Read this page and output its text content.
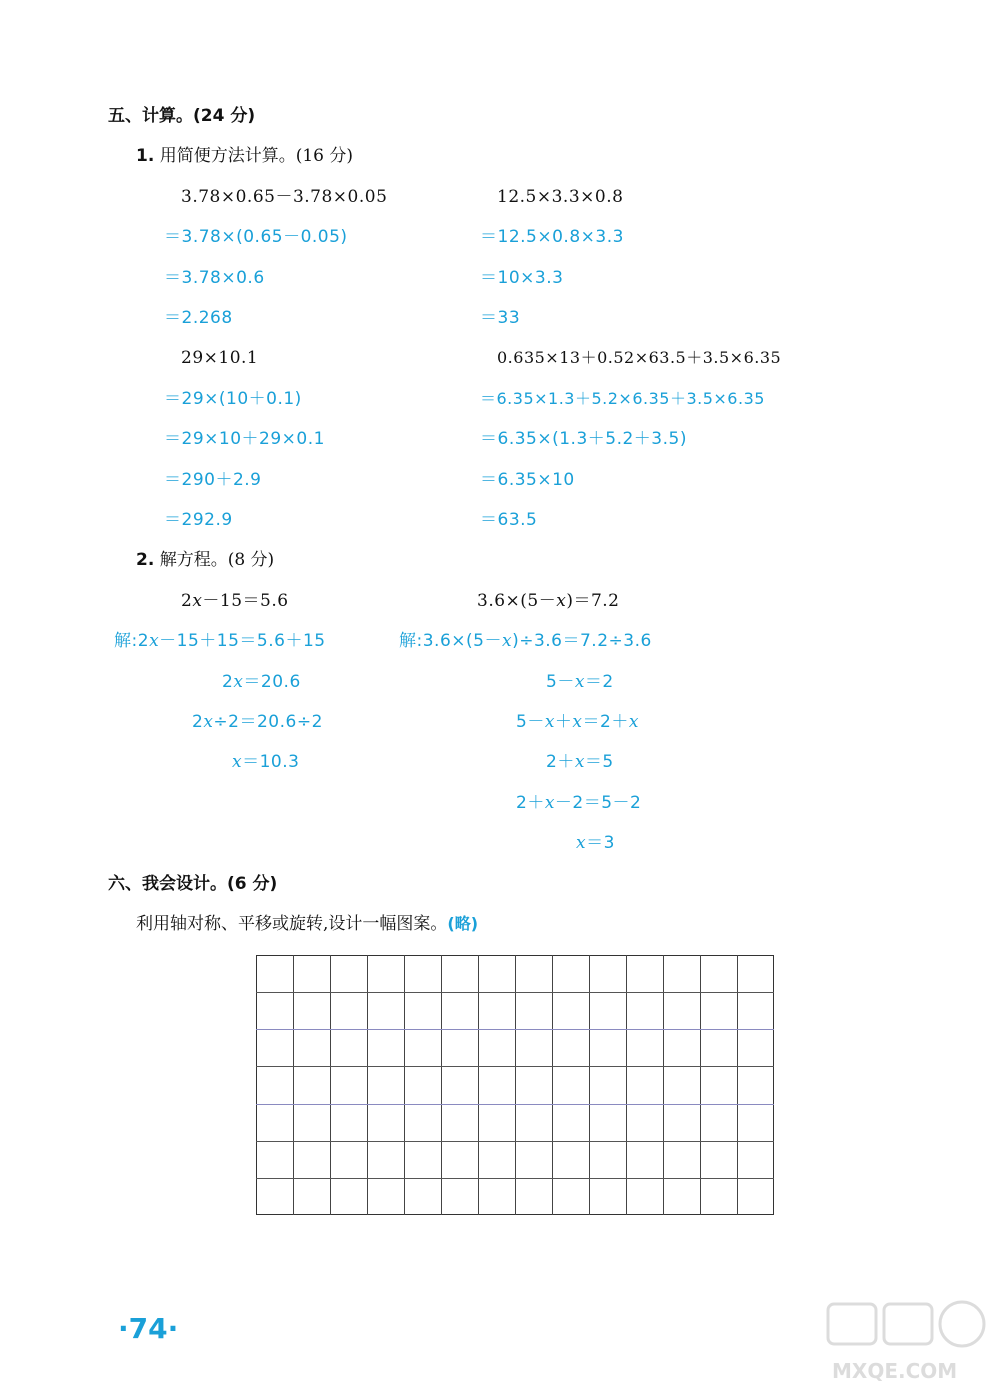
五、计算。(24 分)
1. 用简便方法计算。(16 分)
3.78×0.65－3.78×0.05
＝3.78×(0.65－0.05)
＝3.78×0.6
＝2.268
12.5×3.3×0.8
＝12.5×0.8×3.3
＝10×3.3
＝33
29×10.1
＝29×(10＋0.1)
＝29×10＋29×0.1
＝290＋2.9
＝292.9
0.635×13＋0.52×63.5＋3.5×6.35
＝6.35×1.3＋5.2×6.35＋3.5×6.35
＝6.35×(1.3＋5.2＋3.5)
＝6.35×10
＝63.5
2. 解方程。(8 分)
2x－15＝5.6
解:2x－15＋15＝5.6＋15
2x＝20.6
2x÷2＝20.6÷2
x＝10.3
3.6×(5－x)＝7.2
解:3.6×(5－x)÷3.6＝7.2÷3.6
5－x＝2
5－x＋x＝2＋x
2＋x＝5
2＋x－2＝5－2
x＝3
六、我会设计。(6 分)
利用轴对称、平移或旋转,设计一幅图案。(略)
·74·
MXQE.COM
